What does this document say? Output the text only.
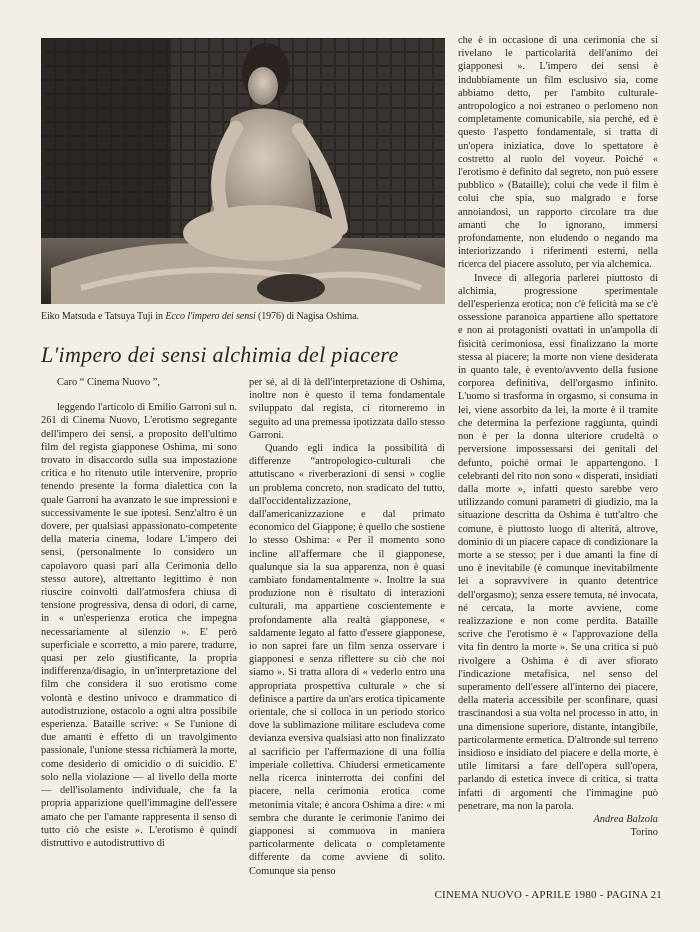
Eiko Matsuda e Tatsuya Tuji in Ecco l'impero dei sensi (1976) di Nagisa Oshima.
L'impero dei sensi alchimia del piacere

Caro “ Cinema Nuovo ”,

leggendo l'articolo di Emilio Garroni sul n. 261 di Cinema Nuovo, L'erotismo segregante dell'impero dei sensi, a proposito dell'ultimo film del regista giapponese Oshima, mi sono trovato in disaccordo sulla sua impostazione critica e ho ritenuto utile intervenire, proprio tenendo presente la forma dialettica con la quale Garroni ha avanzato le sue impressioni e successivamente le sue ipotesi. Senz'altro è un dovere, per qualsiasi appassionato-competente della materia cinema, lodare L'impero dei sensi, (personalmente lo considero un capolavoro quasi pari alla Cerimonia dello stesso autore), altrettanto legittimo è non riuscire coinvolti dall'atmosfera chiusa di tensione progressiva, densa di odori, di carne, in « un'esperienza erotica che impegna necessariamente al silenzio ». E' però superficiale e scorretto, a mio parere, tradurre, quasi per zelo giustificante, la propria indifferenza/disagio, in un'interpretazione del film che considera il suo erotismo come volontà e destino univoco e drammatico di autodistruzione, ostacolo a ogni altra possibile esperienza. Bataille scrive: « Se l'unione di due amanti è effetto di un travolgimento passionale, l'unione stessa richiamerà la morte, come desiderio di omicidio o di suicidio. E' solo nella violazione — al livello della morte — dell'isolamento individuale, che fa la propria apparizione quell'immagine dell'essere amato che per l'amante rappresenta il senso di tutto ciò che esiste ». L'erotismo è quindi distruttivo e autodistruttivo di

per sé, al di là dell'interpretazione di Oshima, inoltre non è questo il tema fondamentale sviluppato dal regista, ci ritorneremo in seguito ad una premessa ipotizzata dallo stesso Garroni.

Quando egli indica la possibilità di differenze “antropologico-culturali che attutiscano « riverberazioni di sensi » coglie un problema concreto, non sradicato del tutto, dall'occidentalizzazione, dall'americanizzazione e dal primato economico del Giappone; è quello che sostiene lo stesso Oshima: « Per il momento sono incline all'affermare che il giapponese, qualunque sia la sua apparenza, non è quasi cambiato fondamentalmente ». Inoltre la sua produzione non è risultato di interazioni culturali, ma appartiene coscientemente e profondamente alla realtà giapponese, « saldamente legato al fatto d'essere giapponese, io non saprei fare un film senza osservare i giapponesi e senza riflettere su ciò che noi siamo ». Si tratta allora di « vederlo entro una appropriata prospettiva culturale » che si definisce a partire da un'ars erotica tipicamente orientale, che si colloca in un periodo storico dove la sublimazione militare escludeva come devianza eversiva qualsiasi atto non finalizzato al sacrificio per l'affermazione di una follia imperiale collettiva. Chiudersi ermeticamente nella ricerca ininterrotta dei confini del piacere, nella cerimonia erotica come metonimia vitale; è ancora Oshima a dire: « mi sembra che durante le cerimonie l'animo dei giapponesi si commuova in maniera particolarmente delicata o completamente differente da come avviene di solito. Comunque sia penso

che è in occasione di una cerimonia che si rivelano le particolarità dell'animo dei giapponesi ». L'impero dei sensi è indubbiamente un film esclusivo sia, come abbiamo detto, per l'ambito culturale-antropologico a noi estraneo o perlomeno non completamente comunicabile, sia perché, ed è questo l'aspetto fondamentale, si tratta di un'opera iniziatica, dove lo spettatore è costretto al ruolo del voyeur. Poiché « l'erotismo è definito dal segreto, non può essere pubblico » (Bataille); colui che vede il film è colui che spia, suo malgrado e forse annoiandosi, un rapporto circolare tra due amanti che lo ignorano, immersi profondamente, non eludendo o negando ma interiorizzando i riferimenti esterni, nella ricerca del piacere assoluto, per via alchemica.

Invece di allegoria parlerei piuttosto di alchimia, progressione sperimentale dell'esperienza erotica; non c'è felicità ma se c'è ossessione paranoica appartiene allo spettatore e non ai protagonisti ovattati in un'ampolla di fisicità cerimoniosa, essi finalizzano la morte stessa al piacere; la morte non viene desiderata in quanto tale, è evento/avvento della fusione corporea definitiva, dell'orgasmo infinito. L'uomo si trasforma in orgasmo, si consuma in lei, viene assorbito da lei, la morte è il tramite che determina la perfezione raggiunta, quindi non è per la donna ulteriore crudeltà o perversione impossessarsi dei genitali del defunto, poiché ormai le appartengono. I celebranti del rito non sono « disperati, insidiati dalla morte », infatti questo sarebbe vero utilizzando comuni parametri di giudizio, ma la situazione descritta da Oshima è tutt'altro che comune, è piuttosto luogo di alterità, altrove, dominio di un piacere capace di condizionare la morte a se stesso; per i due amanti la fine di uno è inevitabile (è comunque inevitabilmente lei a sopravvivere in quanto detentrice dell'orgasmo); senza essere temuta, né invocata, né cercata, la morte avviene, come realizzazione e non come perdita. Bataille scrive che l'erotismo è « l'approvazione della vita fin dentro la morte ». Se una critica si può rivolgere a Oshima è di aver sfiorato l'indicazione metafisica, nel senso del superamento dell'essere all'interno dei piacere, della materia accessibile per sconfinare, quasi trascinandosi a sua volta nel processo in atto, in una dimensione superiore, distante, intangibile, particolarmente ermetica. D'altronde sul terreno insidioso e insidiato del piacere e della morte, è utile limitarsi a fare dell'opera sull'opera, parlando di estetica invece di critica, si tratta infatti di argomenti che l'immagine può penetrare, ma non la parola.

Andrea Balzola
Torino
CINEMA NUOVO - APRILE 1980 - PAGINA 21
